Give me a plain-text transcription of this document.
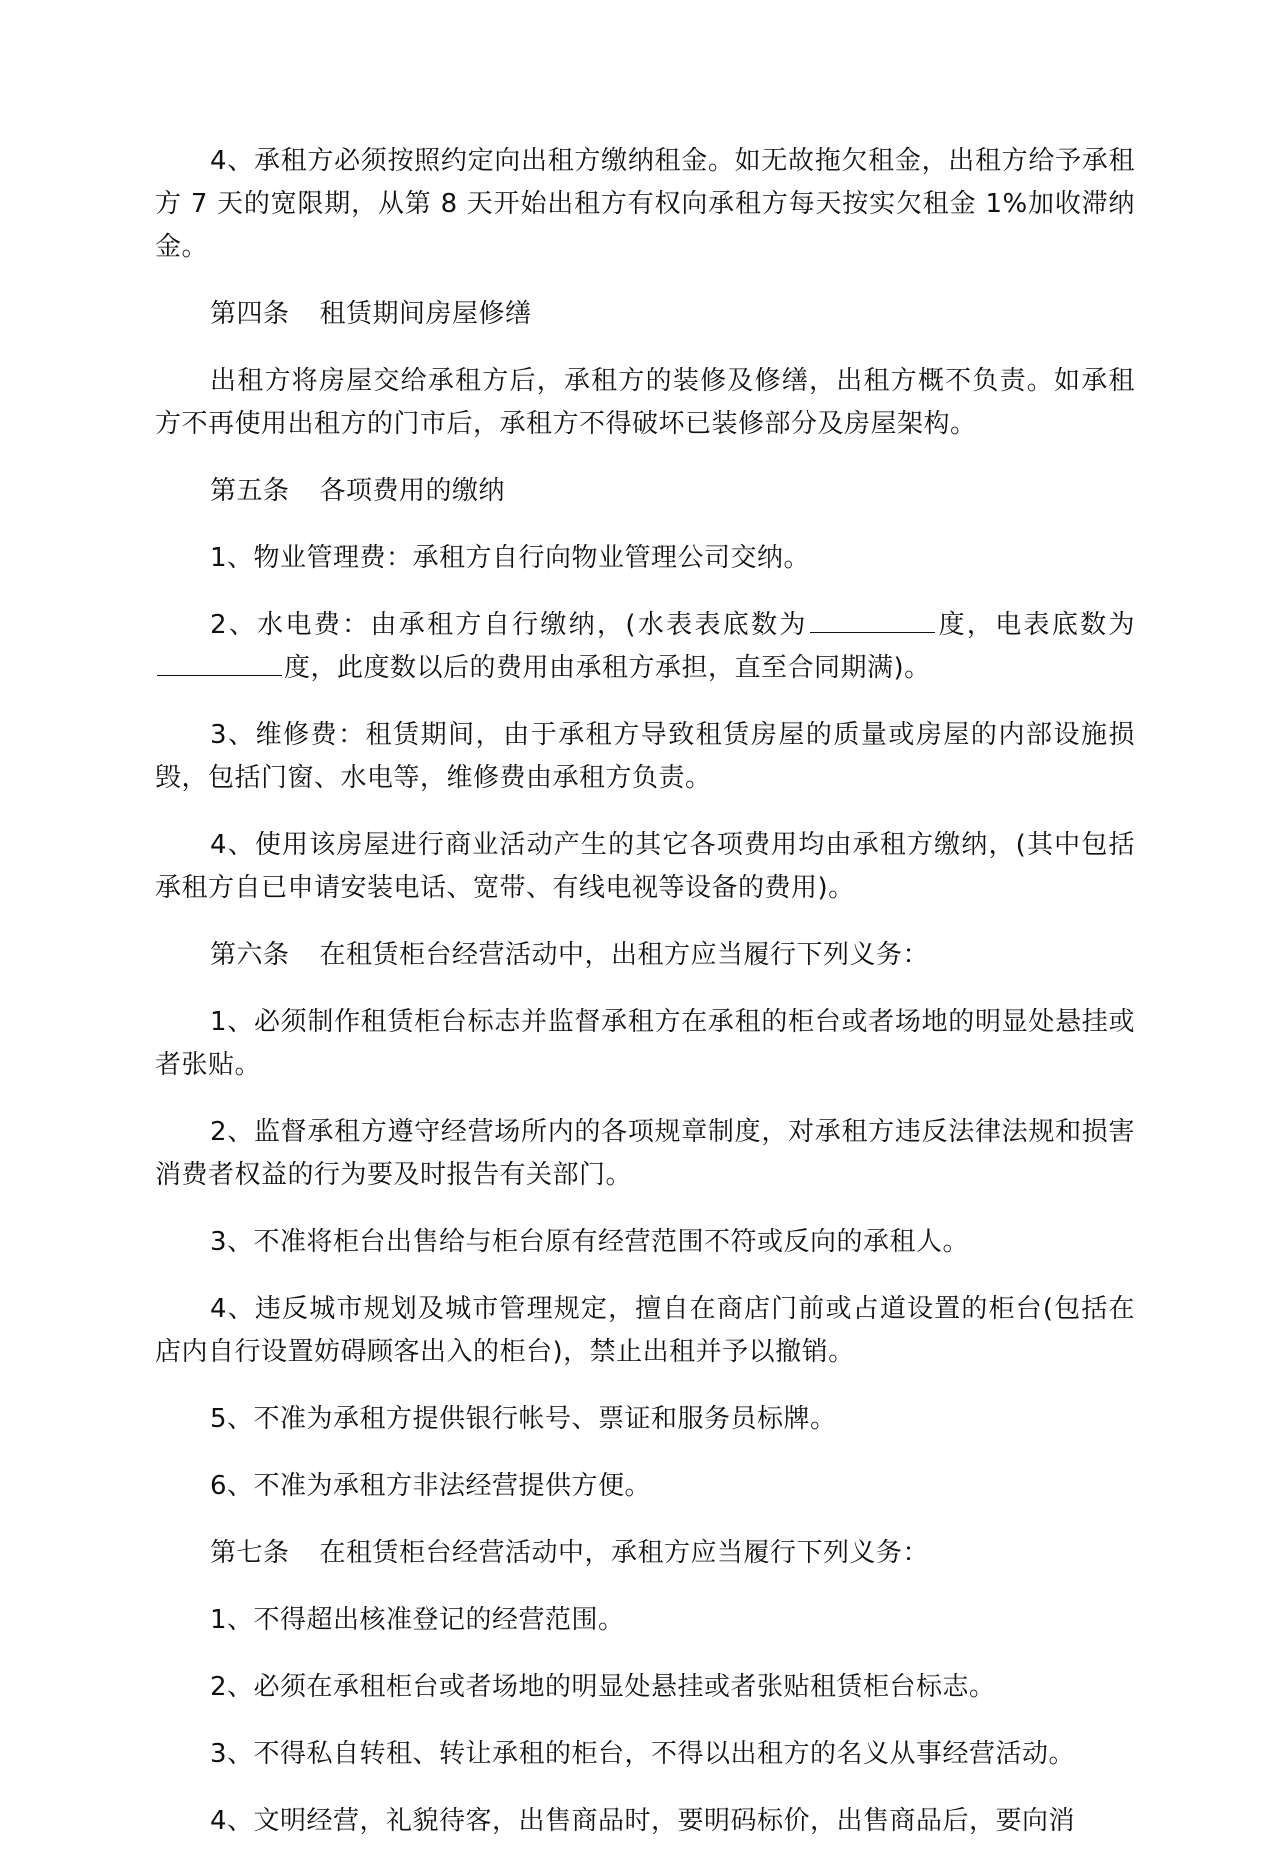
4、承租方必须按照约定向出租方缴纳租金。如无故拖欠租金，出租方给予承租方 7 天的宽限期，从第 8 天开始出租方有权向承租方每天按实欠租金 1%加收滞纳金。

第四条 租赁期间房屋修缮

出租方将房屋交给承租方后，承租方的装修及修缮，出租方概不负责。如承租方不再使用出租方的门市后，承租方不得破坏已装修部分及房屋架构。

第五条 各项费用的缴纳

1、物业管理费：承租方自行向物业管理公司交纳。

2、水电费：由承租方自行缴纳，(水表表底数为	度，电表底数为度，此度数以后的费用由承租方承担，直至合同期满)。

3、维修费：租赁期间，由于承租方导致租赁房屋的质量或房屋的内部设施损毁，包括门窗、水电等，维修费由承租方负责。

4、使用该房屋进行商业活动产生的其它各项费用均由承租方缴纳，(其中包括承租方自已申请安装电话、宽带、有线电视等设备的费用)。

第六条 在租赁柜台经营活动中，出租方应当履行下列义务：

1、必须制作租赁柜台标志并监督承租方在承租的柜台或者场地的明显处悬挂或者张贴。

2、监督承租方遵守经营场所内的各项规章制度，对承租方违反法律法规和损害消费者权益的行为要及时报告有关部门。

3、不准将柜台出售给与柜台原有经营范围不符或反向的承租人。

4、违反城市规划及城市管理规定，擅自在商店门前或占道设置的柜台(包括在店内自行设置妨碍顾客出入的柜台)，禁止出租并予以撤销。

5、不准为承租方提供银行帐号、票证和服务员标牌。

6、不准为承租方非法经营提供方便。

第七条 在租赁柜台经营活动中，承租方应当履行下列义务：

1、不得超出核准登记的经营范围。

2、必须在承租柜台或者场地的明显处悬挂或者张贴租赁柜台标志。

3、不得私自转租、转让承租的柜台，不得以出租方的名义从事经营活动。

4、文明经营，礼貌待客，出售商品时，要明码标价，出售商品后，要向消
